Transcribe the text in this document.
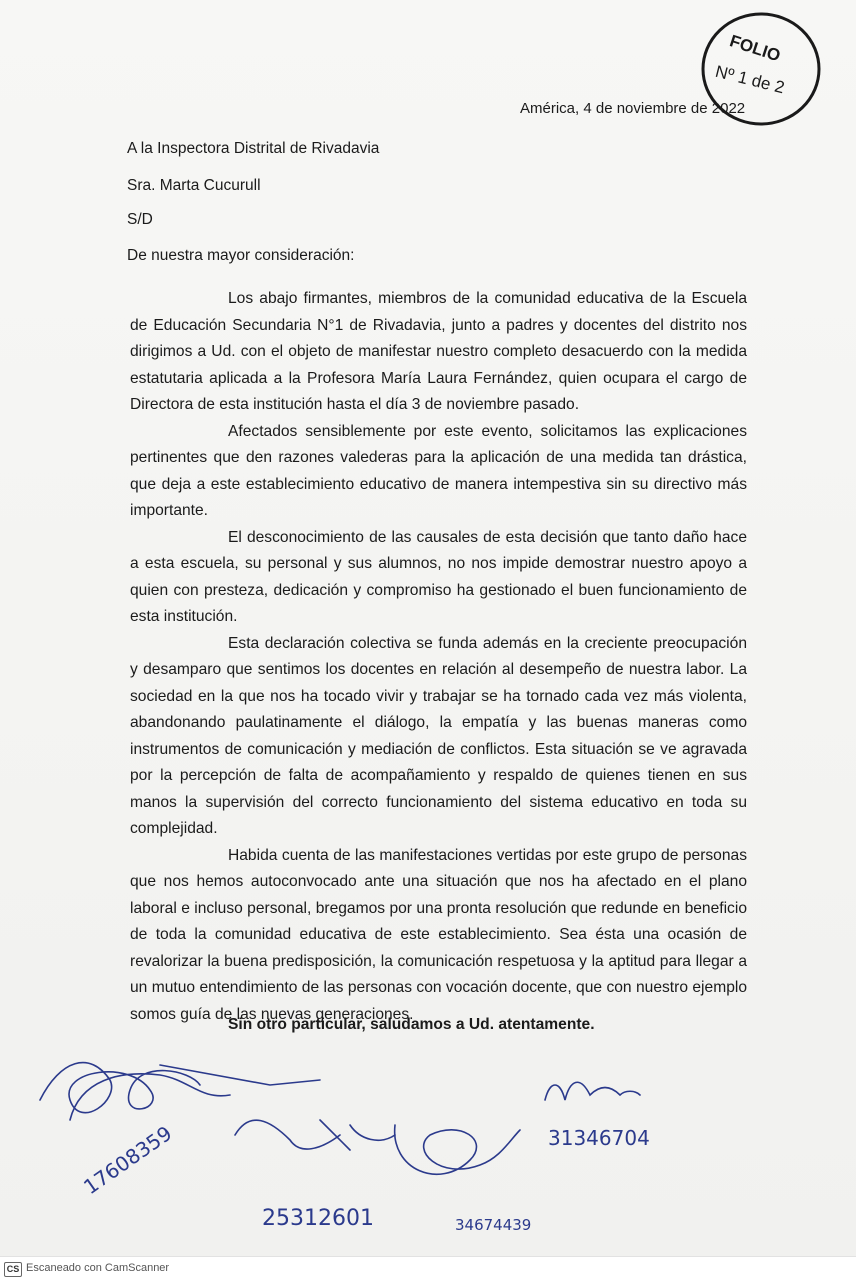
FOLIO
Nº 1 de 2
América, 4 de noviembre de 2022
A la Inspectora Distrital de Rivadavia
Sra. Marta Cucurull
S/D
De nuestra mayor consideración:

Los abajo firmantes, miembros de la comunidad educativa de la Escuela de Educación Secundaria N°1 de Rivadavia, junto a padres y docentes del distrito nos dirigimos a Ud. con el objeto de manifestar nuestro completo desacuerdo con la medida estatutaria aplicada a la Profesora María Laura Fernández, quien ocupara el cargo de Directora de esta institución hasta el día 3 de noviembre pasado.

Afectados sensiblemente por este evento, solicitamos las explicaciones pertinentes que den razones valederas para la aplicación de una medida tan drástica, que deja a este establecimiento educativo de manera intempestiva sin su directivo más importante.

El desconocimiento de las causales de esta decisión que tanto daño hace a esta escuela, su personal y sus alumnos, no nos impide demostrar nuestro apoyo a quien con presteza, dedicación y compromiso ha gestionado el buen funcionamiento de esta institución.

Esta declaración colectiva se funda además en la creciente preocupación y desamparo que sentimos los docentes en relación al desempeño de nuestra labor. La sociedad en la que nos ha tocado vivir y trabajar se ha tornado cada vez más violenta, abandonando paulatinamente el diálogo, la empatía y las buenas maneras como instrumentos de comunicación y mediación de conflictos. Esta situación se ve agravada por la percepción de falta de acompañamiento y respaldo de quienes tienen en sus manos la supervisión del correcto funcionamiento del sistema educativo en toda su complejidad.

Habida cuenta de las manifestaciones vertidas por este grupo de personas que nos hemos autoconvocado ante una situación que nos ha afectado en el plano laboral e incluso personal, bregamos por una pronta resolución que redunde en beneficio de toda la comunidad educativa de este establecimiento. Sea ésta una ocasión de revalorizar la buena predisposición, la comunicación respetuosa y la aptitud para llegar a un mutuo entendimiento de las personas con vocación docente, que con nuestro ejemplo somos guía de las nuevas generaciones.

Sin otro particular, saludamos a Ud. atentamente.
17608359
25312601	34674439
31346704
CS Escaneado con CamScanner
